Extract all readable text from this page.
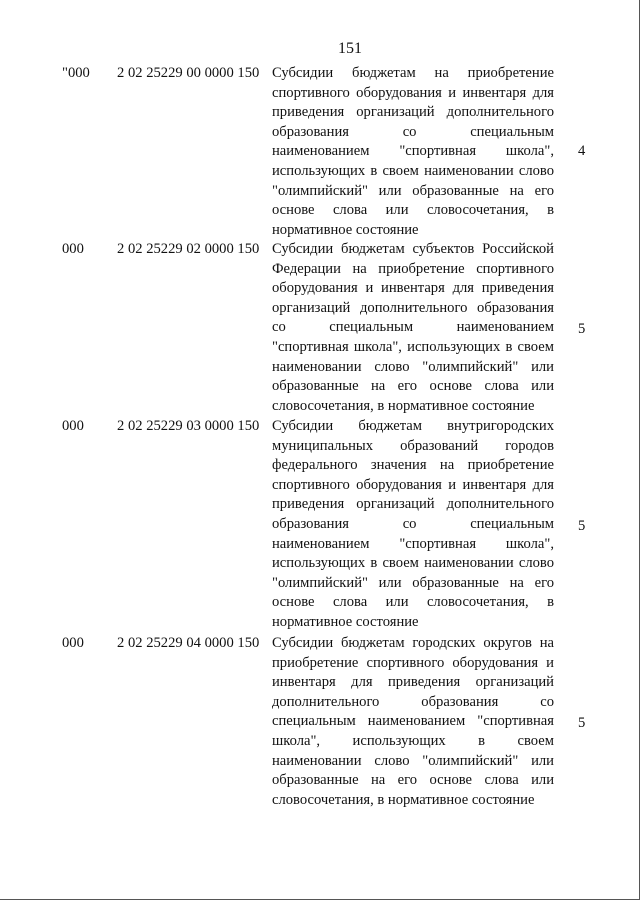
151
"000 2 02 25229 00 0000 150 Субсидии бюджетам на приобретение
спортивного оборудования и инвентаря для
приведения организаций дополнительного
образования со специальным
наименованием "спортивная школа",
использующих в своем наименовании слово
"олимпийский" или образованные на его
основе слова или словосочетания, в
нормативное состояние
4
000 2 02 25229 02 0000 150 Субсидии бюджетам субъектов Российской
Федерации на приобретение спортивного
оборудования и инвентаря для приведения
организаций дополнительного образования
со специальным наименованием
"спортивная школа", использующих в своем
наименовании слово "олимпийский" или
образованные на его основе слова или
словосочетания, в нормативное состояние
5
000 2 02 25229 03 0000 150 Субсидии бюджетам внутригородских
муниципальных образований городов
федерального значения на приобретение
спортивного оборудования и инвентаря для
приведения организаций дополнительного
образования со специальным
наименованием "спортивная школа",
использующих в своем наименовании слово
"олимпийский" или образованные на его
основе слова или словосочетания, в
нормативное состояние
5
000 2 02 25229 04 0000 150 Субсидии бюджетам городских округов на
приобретение спортивного оборудования и
инвентаря для приведения организаций
дополнительного образования со
специальным наименованием "спортивная
школа", использующих в своем
наименовании слово "олимпийский" или
образованные на его основе слова или
словосочетания, в нормативное состояние
5
